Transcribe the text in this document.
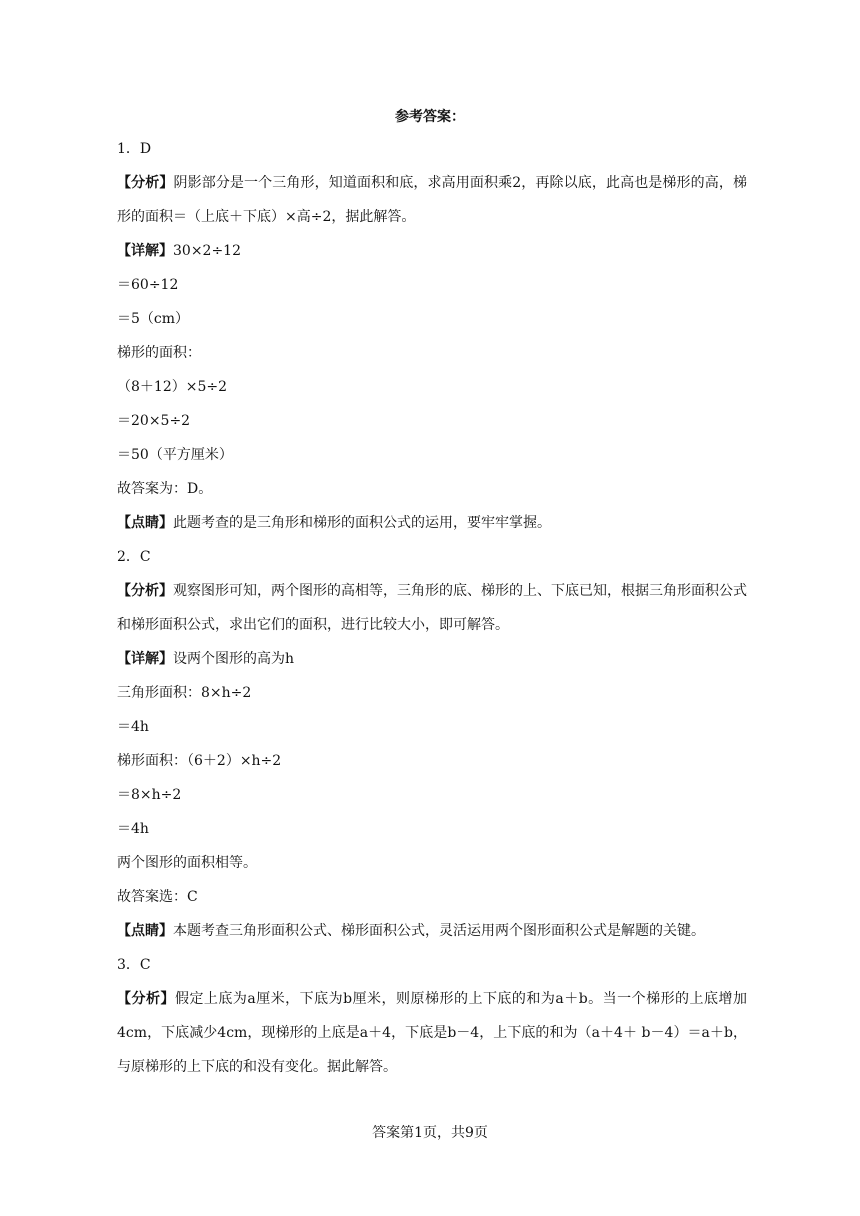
参考答案：
1．D
【分析】阴影部分是一个三角形，知道面积和底，求高用面积乘2，再除以底，此高也是梯形的高，梯形的面积＝（上底＋下底）×高÷2，据此解答。
【详解】30×2÷12
＝60÷12
＝5（cm）
梯形的面积：
（8＋12）×5÷2
＝20×5÷2
＝50（平方厘米）
故答案为：D。
【点睛】此题考查的是三角形和梯形的面积公式的运用，要牢牢掌握。
2．C
【分析】观察图形可知，两个图形的高相等，三角形的底、梯形的上、下底已知，根据三角形面积公式和梯形面积公式，求出它们的面积，进行比较大小，即可解答。
【详解】设两个图形的高为h
三角形面积：8×h÷2
＝4h
梯形面积：（6＋2）×h÷2
＝8×h÷2
＝4h
两个图形的面积相等。
故答案选：C
【点睛】本题考查三角形面积公式、梯形面积公式，灵活运用两个图形面积公式是解题的关键。
3．C
【分析】假定上底为a厘米，下底为b厘米，则原梯形的上下底的和为a＋b。当一个梯形的上底增加4cm，下底减少4cm，现梯形的上底是a＋4，下底是b－4，上下底的和为（a＋4＋ b－4）＝a＋b，与原梯形的上下底的和没有变化。据此解答。
答案第1页，共9页
